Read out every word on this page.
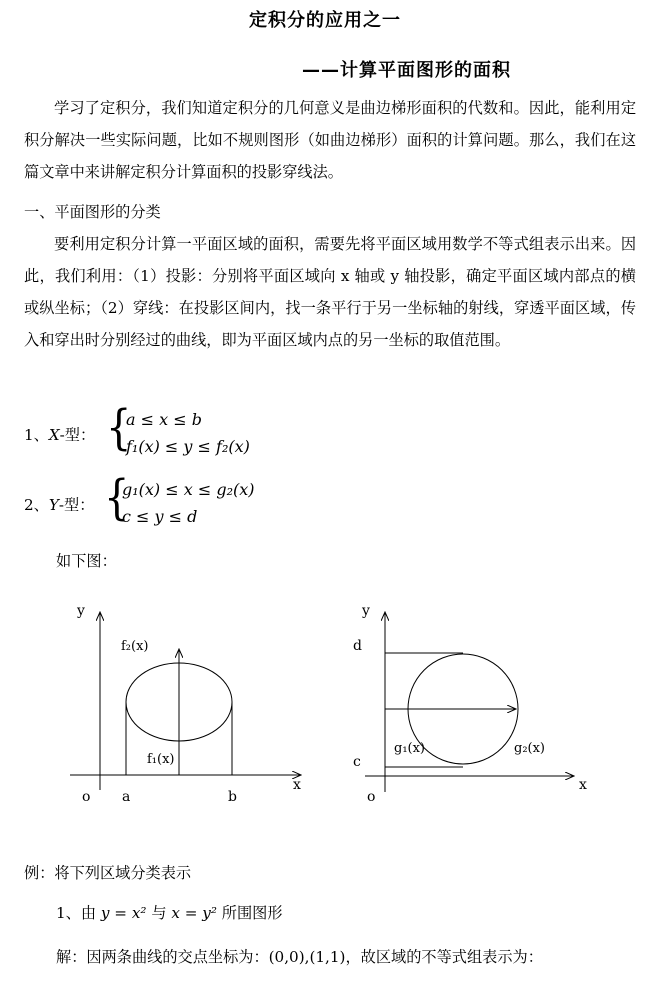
定积分的应用之一
——计算平面图形的面积
学习了定积分，我们知道定积分的几何意义是曲边梯形面积的代数和。因此，能利用定积分解决一些实际问题，比如不规则图形（如曲边梯形）面积的计算问题。那么，我们在这篇文章中来讲解定积分计算面积的投影穿线法。
一、平面图形的分类
要利用定积分计算一平面区域的面积，需要先将平面区域用数学不等式组表示出来。因此，我们利用：（1）投影：分别将平面区域向 x 轴或 y 轴投影，确定平面区域内部点的横或纵坐标；（2）穿线：在投影区间内，找一条平行于另一坐标轴的射线，穿透平面区域，传入和穿出时分别经过的曲线，即为平面区域内点的另一坐标的取值范围。
1、X-型： {
a ≤ x ≤ b
f₁(x) ≤ y ≤ f₂(x)
2、Y-型： {
g₁(x) ≤ x ≤ g₂(x)
c ≤ y ≤ d
如下图：
y
x
o a	b
f₂(x)
f₁(x)
y
x
o
d
c
g₁(x)	g₂(x)
例：将下列区域分类表示
1、由 y = x² 与 x = y² 所围图形
解：因两条曲线的交点坐标为：(0,0),(1,1)，故区域的不等式组表示为：
